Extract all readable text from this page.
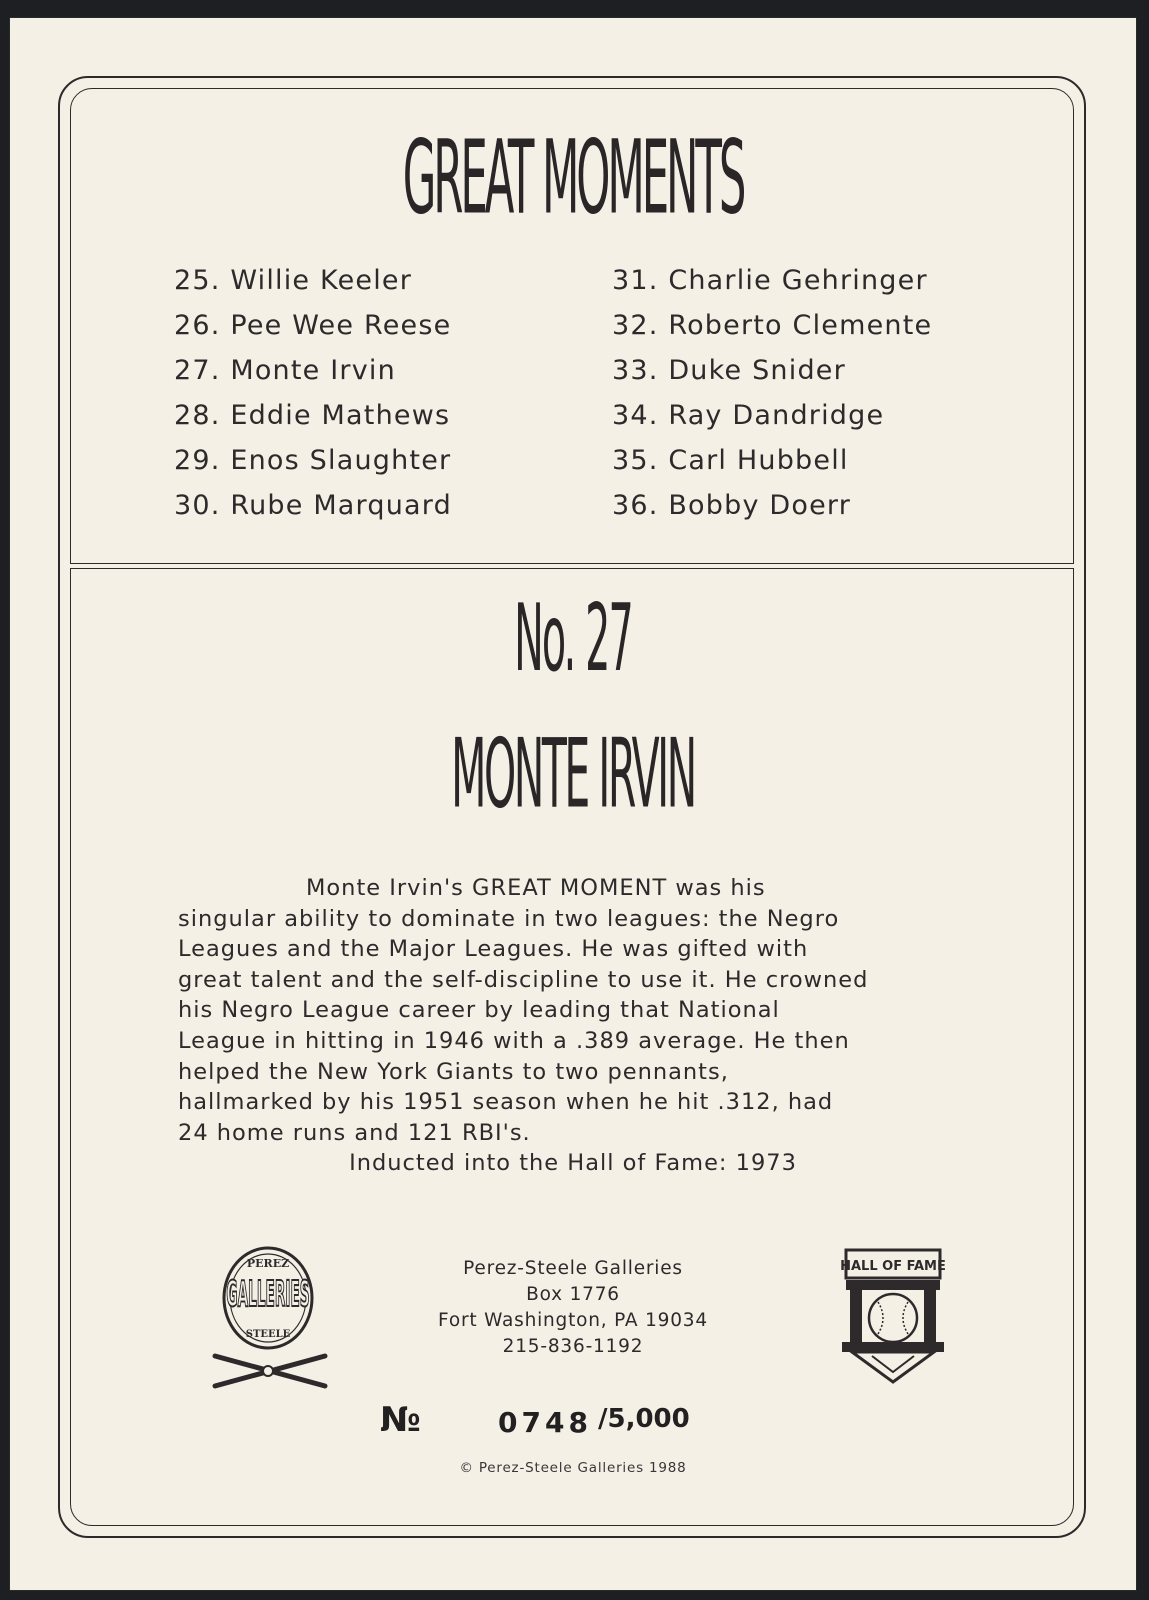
GREAT MOMENTS
25. Willie Keeler
26. Pee Wee Reese
27. Monte Irvin
28. Eddie Mathews
29. Enos Slaughter
30. Rube Marquard
31. Charlie Gehringer
32. Roberto Clemente
33. Duke Snider
34. Ray Dandridge
35. Carl Hubbell
36. Bobby Doerr
No. 27
MONTE IRVIN

Monte Irvin's GREAT MOMENT was his
singular ability to dominate in two leagues: the Negro
Leagues and the Major Leagues. He was gifted with
great talent and the self-discipline to use it. He crowned
his Negro League career by leading that National
League in hitting in 1946 with a .389 average. He then
helped the New York Giants to two pennants,
hallmarked by his 1951 season when he hit .312, had
24 home runs and 121 RBI's.

Inducted into the Hall of Fame: 1973
PEREZ
GALLERIES
STEELE
Perez-Steele Galleries
Box 1776
Fort Washington, PA 19034
215-836-1192
HALL OF FAME
№	0748 /5,000
© Perez-Steele Galleries 1988
